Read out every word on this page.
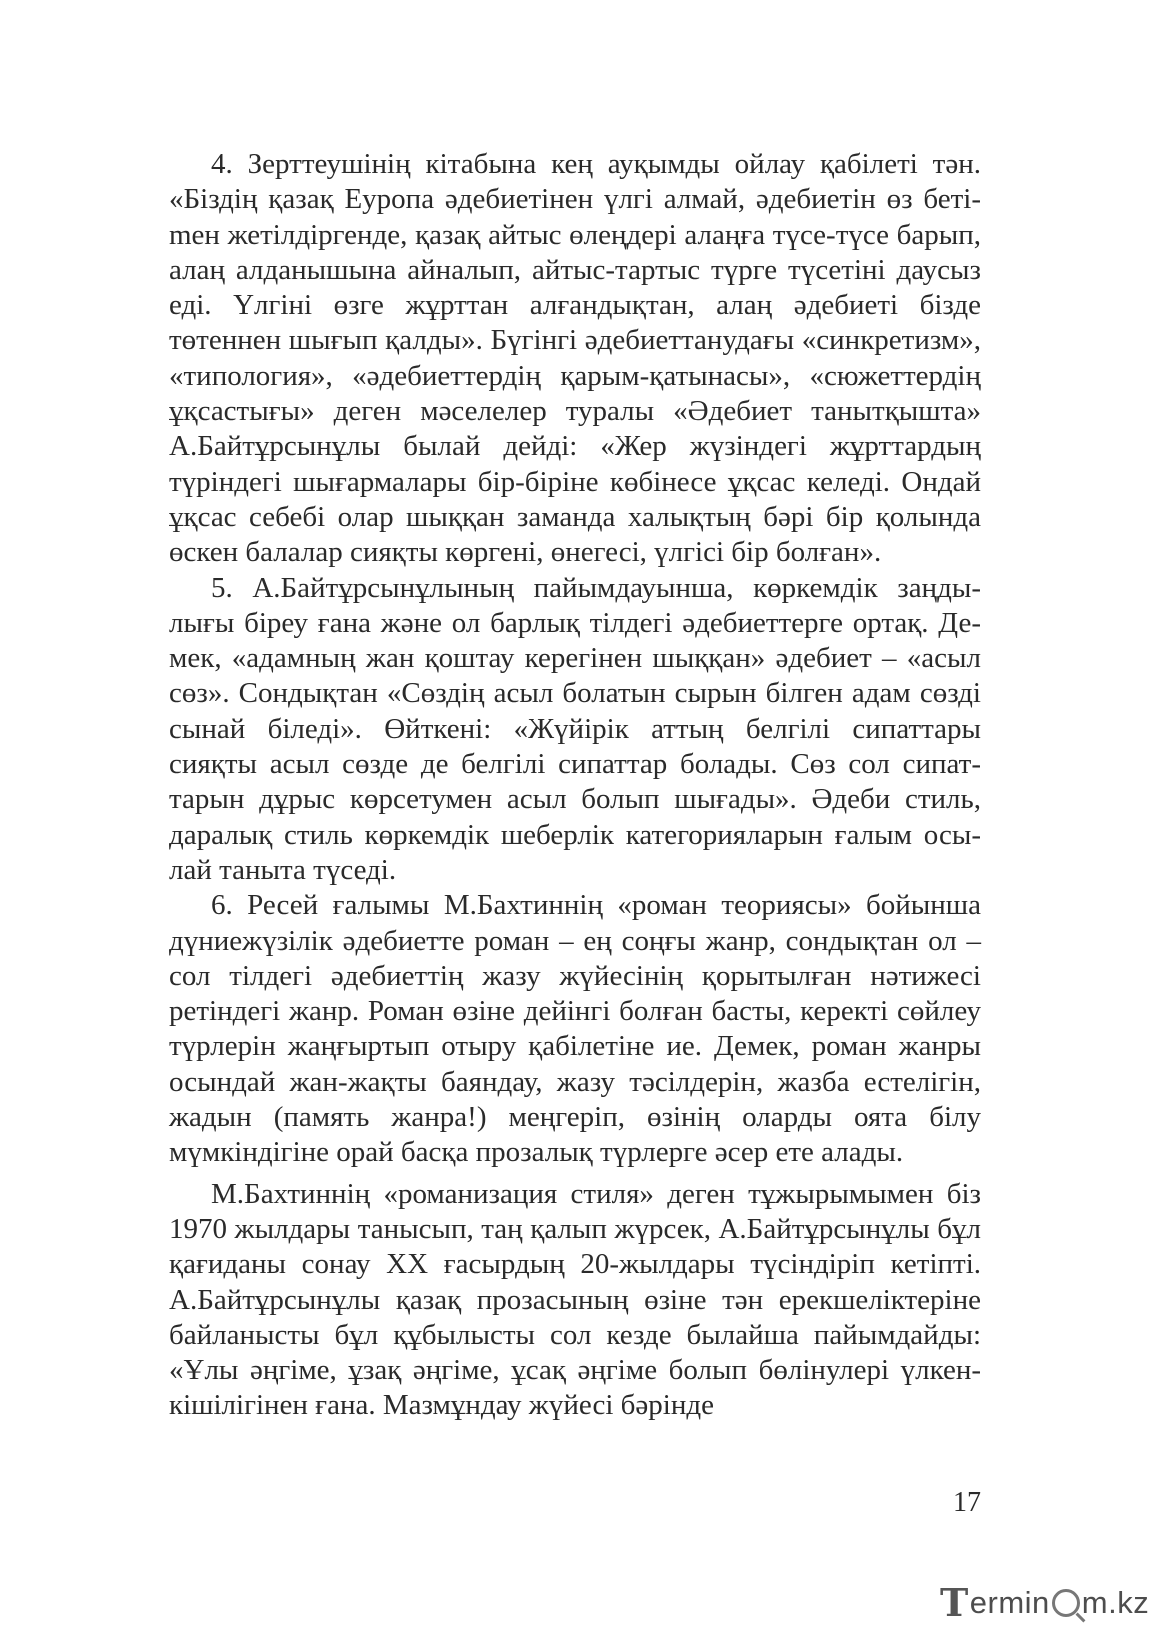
4. Зерттеушінің кітабына кең ауқымды ойлау қабілеті тән. «Біздің қазақ Еуропа әдебиетінен үлгі алмай, әдебиетін өз бетіmен жетілдіргенде, қазақ айтыс өлеңдері алаңға түсе-түсе барып, алаң алданышына айналып, айтыс-тартыс түрге түсетіні даусыз еді. Үлгіні өзге жұрттан алғандықтан, алаң әдебиеті бізде төтеннен шығып қалды». Бүгінгі әдебиеттанудағы «синкретизм», «типология», «әдебиеттердің қарым-қатынасы», «сюжеттердің ұқсастығы» деген мәселелер туралы «Әдебиет танытқышта» А.Байтұрсынұлы былай дейді: «Жер жүзіндегі жұрттардың түріндегі шығармалары бір-біріне көбінесе ұқсас келеді. Ондай ұқсас себебі олар шыққан заманда халықтың бәрі бір қолында өскен балалар сияқты көргені, өнегесі, үлгісі бір болған».

5. А.Байтұрсынұлының пайымдауынша, көркемдік заңдылығы біреу ғана және ол барлық тілдегі әдебиеттерге ортақ. Демек, «адамның жан қоштау керегінен шыққан» әдебиет – «асыл сөз». Сондықтан «Сөздің асыл болатын сырын білген адам сөзді сынай біледі». Өйткені: «Жүйірік аттың белгілі сипаттары сияқты асыл сөзде де белгілі сипаттар болады. Сөз сол сипаттарын дұрыс көрсетумен асыл болып шығады». Әдеби стиль, даралық стиль көркемдік шеберлік категорияларын ғалым осылай таныта түседі.

6. Ресей ғалымы М.Бахтиннің «роман теориясы» бойынша дүниежүзілік әдебиетте роман – ең соңғы жанр, сондықтан ол – сол тілдегі әдебиеттің жазу жүйесінің қорытылған нәтижесі ретіндегі жанр. Роман өзіне дейінгі болған басты, керекті сөйлеу түрлерін жаңғыртып отыру қабілетіне ие. Демек, роман жанры осындай жан-жақты баяндау, жазу тәсілдерін, жазба естелігін, жадын (память жанра!) меңгеріп, өзінің оларды оята білу мүмкіндігіне орай басқа прозалық түрлерге әсер ете алады.

М.Бахтиннің «романизация стиля» деген тұжырымымен біз 1970 жылдары танысып, таң қалып жүрсек, А.Байтұрсынұлы бұл қағиданы сонау ХХ ғасырдың 20-жылдары түсіндіріп кетіпті. А.Байтұрсынұлы қазақ прозасының өзіне тән ерекшеліктеріне байланысты бұл құбылысты сол кезде былайша пайымдайды: «Ұлы әңгіме, ұзақ әңгіме, ұсақ әңгіме болып бөлінулері үлкен-кішілігінен ғана. Мазмұндау жүйесі бәрінде

17
T ermin m.kz
